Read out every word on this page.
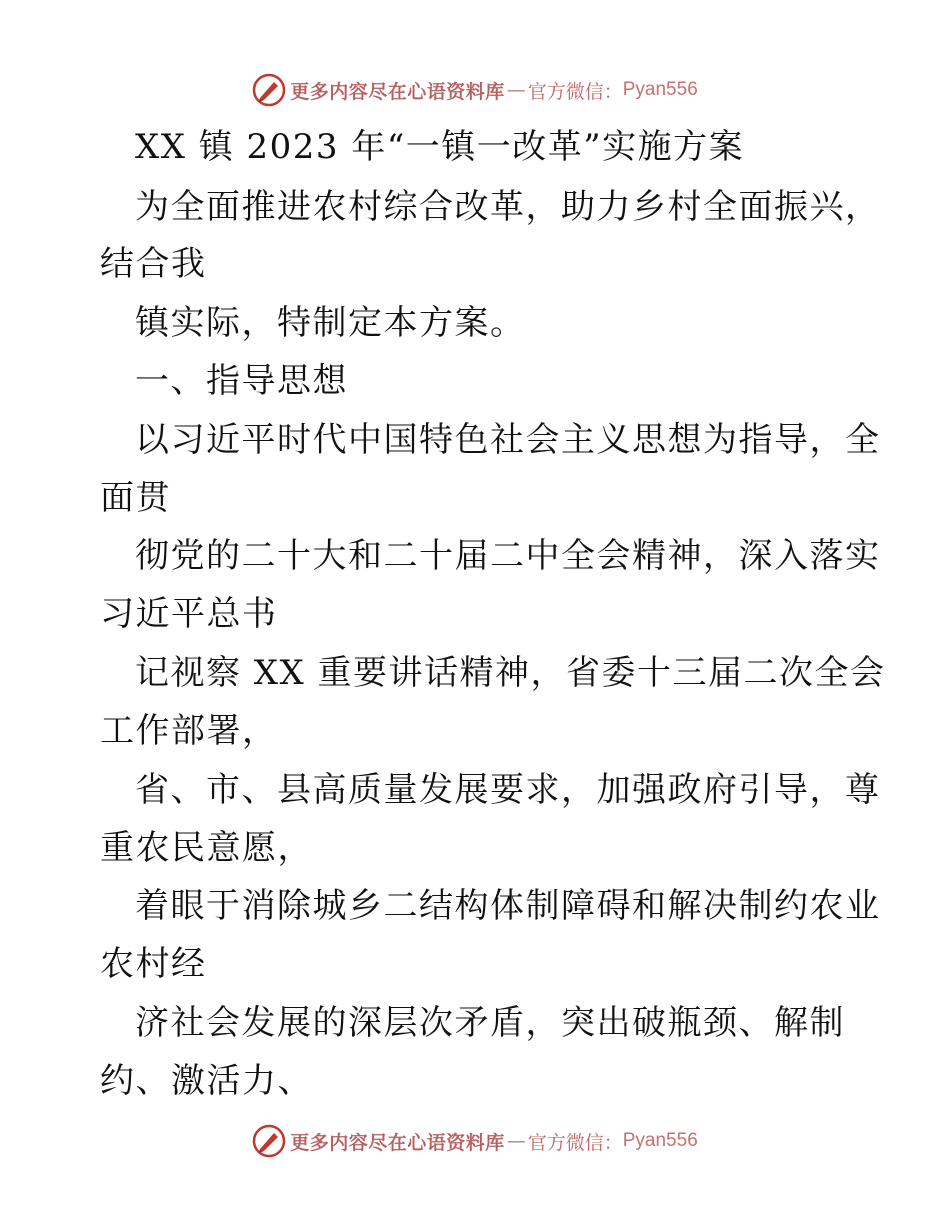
更多内容尽在心语资料库 — 官方微信： Pyan556
XX 镇 2023 年“一镇一改革”实施方案
为全面推进农村综合改革，助力乡村全面振兴，
结合我
镇实际，特制定本方案。
一、指导思想
以习近平时代中国特色社会主义思想为指导，全
面贯
彻党的二十大和二十届二中全会精神，深入落实
习近平总书
记视察 XX 重要讲话精神，省委十三届二次全会
工作部署，
省、市、县高质量发展要求，加强政府引导，尊
重农民意愿，
着眼于消除城乡二结构体制障碍和解决制约农业
农村经
济社会发展的深层次矛盾，突出破瓶颈、解制
约、激活力、
更多内容尽在心语资料库 — 官方微信： Pyan556
